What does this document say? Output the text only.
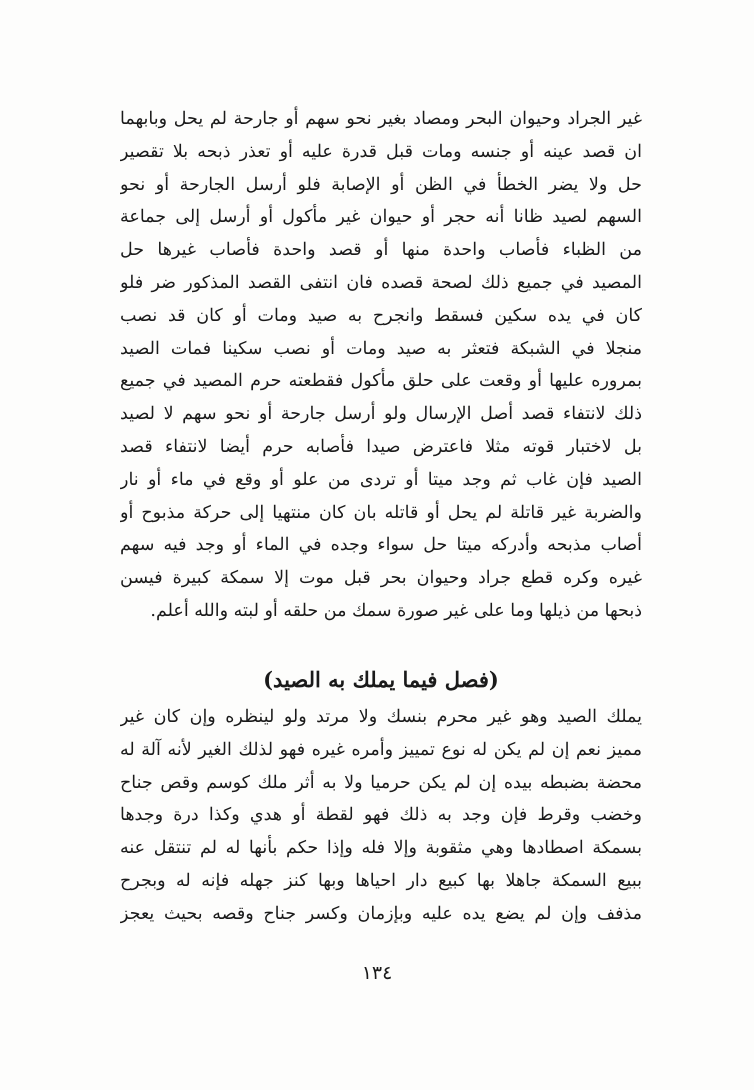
غير الجراد وحيوان البحر ومصاد بغير نحو سهم أو جارحة لم يحل وبابهما
ان قصد عينه أو جنسه ومات قبل قدرة عليه أو تعذر ذبحه بلا تقصير
حل ولا يضر الخطأ في الظن أو الإصابة فلو أرسل الجارحة أو نحو
السهم لصيد ظانا أنه حجر أو حيوان غير مأكول أو أرسل إلى جماعة
من الظباء فأصاب واحدة منها أو قصد واحدة فأصاب غيرها حل
المصيد في جميع ذلك لصحة قصده فان انتفى القصد المذكور ضر فلو
كان في يده سكين فسقط وانجرح به صيد ومات أو كان قد نصب
منجلا في الشبكة فتعثر به صيد ومات أو نصب سكينا فمات الصيد
بمروره عليها أو وقعت على حلق مأكول فقطعته حرم المصيد في جميع
ذلك لانتفاء قصد أصل الإرسال ولو أرسل جارحة أو نحو سهم لا لصيد
بل لاختبار قوته مثلا فاعترض صيدا فأصابه حرم أيضا لانتفاء قصد
الصيد فإن غاب ثم وجد ميتا أو تردى من علو أو وقع في ماء أو نار
والضربة غير قاتلة لم يحل أو قاتله بان كان منتهيا إلى حركة مذبوح أو
أصاب مذبحه وأدركه ميتا حل سواء وجده في الماء أو وجد فيه سهم
غيره وكره قطع جراد وحيوان بحر قبل موت إلا سمكة كبيرة فيسن
ذبحها من ذيلها وما على غير صورة سمك من حلقه أو لبته والله أعلم.
(فصل فيما يملك به الصيد)
يملك الصيد وهو غير محرم بنسك ولا مرتد ولو لينظره وإن كان غير
مميز نعم إن لم يكن له نوع تمييز وأمره غيره فهو لذلك الغير لأنه آلة له
محضة بضبطه بيده إن لم يكن حرميا ولا به أثر ملك كوسم وقص جناح
وخضب وقرط فإن وجد به ذلك فهو لقطة أو هدي وكذا درة وجدها
بسمكة اصطادها وهي مثقوبة وإلا فله وإذا حكم بأنها له لم تنتقل عنه
ببيع السمكة جاهلا بها كبيع دار احياها وبها كنز جهله فإنه له وبجرح
مذفف وإن لم يضع يده عليه وبإزمان وكسر جناح وقصه بحيث يعجز
١٣٤
